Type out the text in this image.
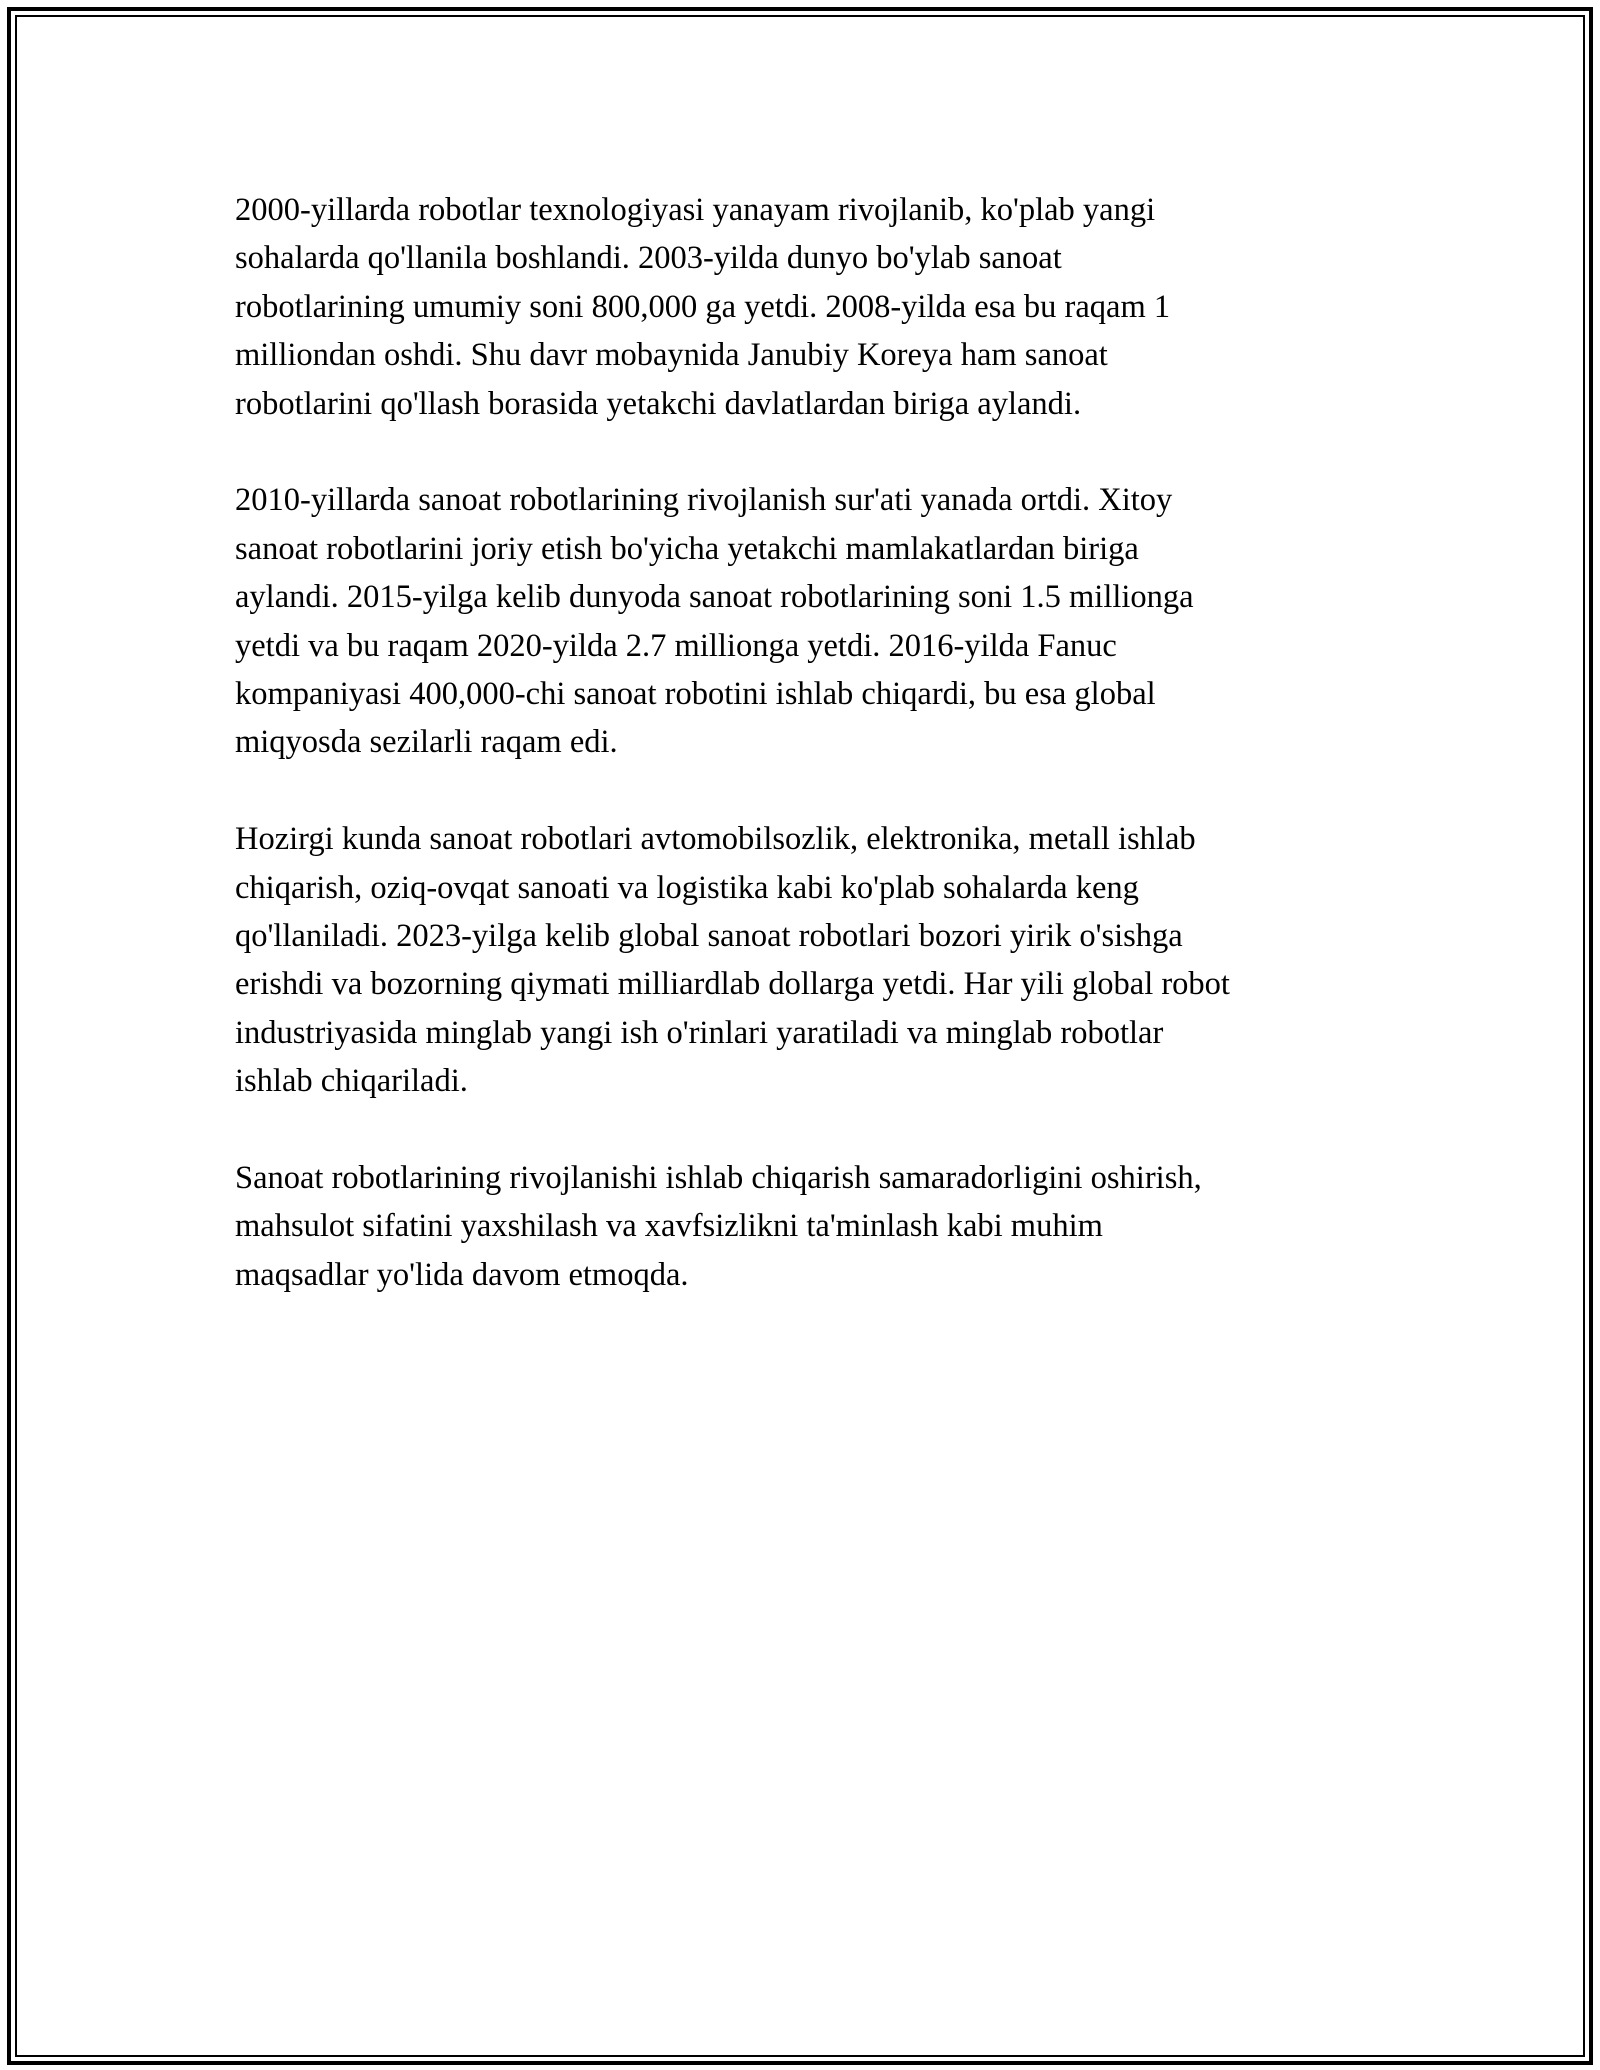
2000-yillarda robotlar texnologiyasi yanayam rivojlanib, ko'plab yangi
sohalarda qo'llanila boshlandi. 2003-yilda dunyo bo'ylab sanoat
robotlarining umumiy soni 800,000 ga yetdi. 2008-yilda esa bu raqam 1
milliondan oshdi. Shu davr mobaynida Janubiy Koreya ham sanoat
robotlarini qo'llash borasida yetakchi davlatlardan biriga aylandi.

2010-yillarda sanoat robotlarining rivojlanish sur'ati yanada ortdi. Xitoy
sanoat robotlarini joriy etish bo'yicha yetakchi mamlakatlardan biriga
aylandi. 2015-yilga kelib dunyoda sanoat robotlarining soni 1.5 millionga
yetdi va bu raqam 2020-yilda 2.7 millionga yetdi. 2016-yilda Fanuc
kompaniyasi 400,000-chi sanoat robotini ishlab chiqardi, bu esa global
miqyosda sezilarli raqam edi.

Hozirgi kunda sanoat robotlari avtomobilsozlik, elektronika, metall ishlab
chiqarish, oziq-ovqat sanoati va logistika kabi ko'plab sohalarda keng
qo'llaniladi. 2023-yilga kelib global sanoat robotlari bozori yirik o'sishga
erishdi va bozorning qiymati milliardlab dollarga yetdi. Har yili global robot
industriyasida minglab yangi ish o'rinlari yaratiladi va minglab robotlar
ishlab chiqariladi.

Sanoat robotlarining rivojlanishi ishlab chiqarish samaradorligini oshirish,
mahsulot sifatini yaxshilash va xavfsizlikni ta'minlash kabi muhim
maqsadlar yo'lida davom etmoqda.
